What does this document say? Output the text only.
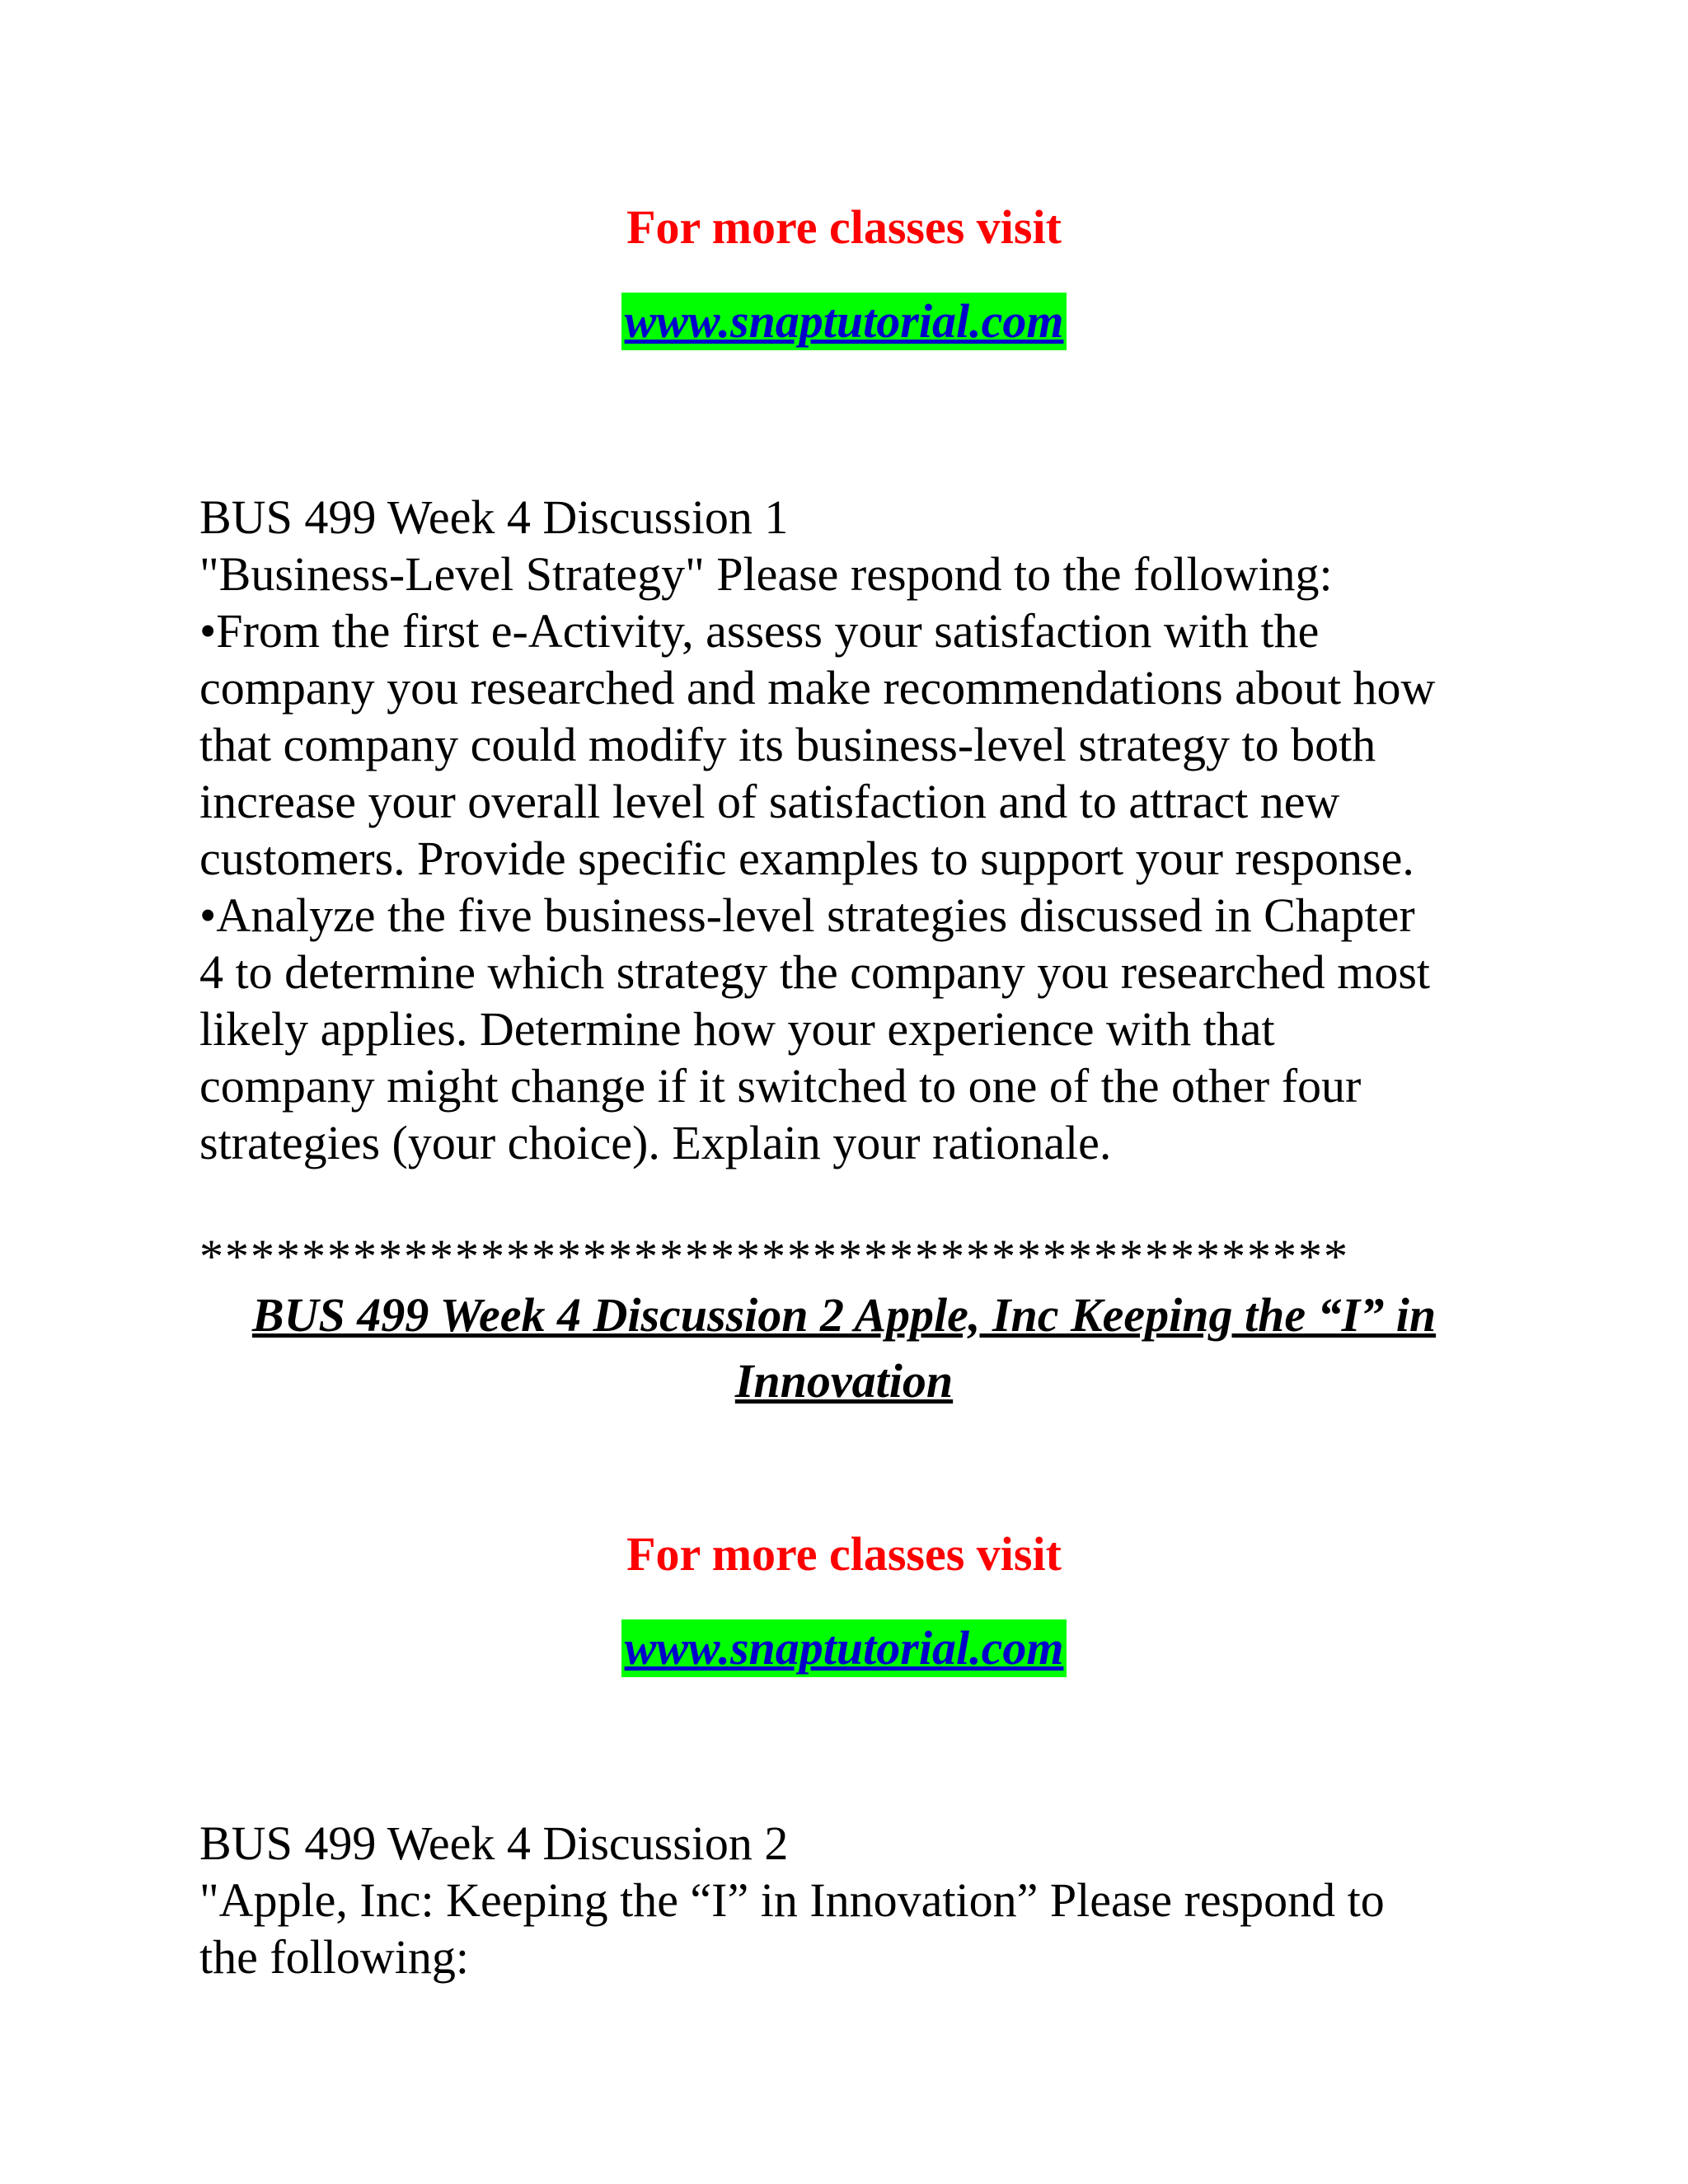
For more classes visit
www.snaptutorial.com
BUS 499 Week 4 Discussion 1
"Business-Level Strategy" Please respond to the following:
•From the first e-Activity, assess your satisfaction with the
company you researched and make recommendations about how
that company could modify its business-level strategy to both
increase your overall level of satisfaction and to attract new
customers. Provide specific examples to support your response.
•Analyze the five business-level strategies discussed in Chapter
4 to determine which strategy the company you researched most
likely applies. Determine how your experience with that
company might change if it switched to one of the other four
strategies (your choice). Explain your rationale.
*********************************************
BUS 499 Week 4 Discussion 2 Apple, Inc Keeping the “I” in
Innovation
For more classes visit
www.snaptutorial.com
BUS 499 Week 4 Discussion 2
"Apple, Inc: Keeping the “I” in Innovation” Please respond to
the following:
